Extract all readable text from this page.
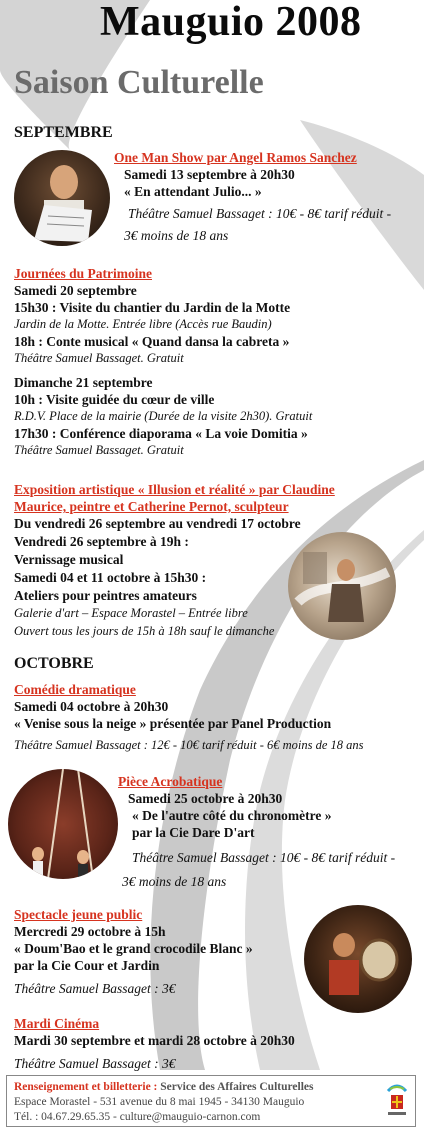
Mauguio 2008
Saison Culturelle
SEPTEMBRE
One Man Show par Angel Ramos Sanchez
Samedi 13 septembre à 20h30
« En attendant Julio... »
Théâtre Samuel Bassaget : 10€ - 8€ tarif réduit -
3€ moins de 18 ans
Journées du Patrimoine
Samedi 20 septembre
15h30 : Visite du chantier du Jardin de la Motte
Jardin de la Motte. Entrée libre (Accès rue Baudin)
18h : Conte musical « Quand dansa la cabreta »
Théâtre Samuel Bassaget. Gratuit
Dimanche 21 septembre
10h : Visite guidée du cœur de ville
R.D.V. Place de la mairie (Durée de la visite 2h30). Gratuit
17h30 : Conférence diaporama « La voie Domitia »
Théâtre Samuel Bassaget. Gratuit
Exposition artistique « Illusion et réalité » par Claudine
Maurice, peintre et Catherine Pernot, sculpteur
Du vendredi 26 septembre au vendredi 17 octobre
Vendredi 26 septembre à 19h :
Vernissage musical
Samedi 04 et 11 octobre à 15h30 :
Ateliers pour peintres amateurs
Galerie d'art – Espace Morastel – Entrée libre
Ouvert tous les jours de 15h à 18h sauf le dimanche
OCTOBRE
Comédie dramatique
Samedi 04 octobre à 20h30
« Venise sous la neige » présentée par Panel Production
Théâtre Samuel Bassaget : 12€ - 10€ tarif réduit - 6€ moins de 18 ans
Pièce Acrobatique
Samedi 25 octobre à 20h30
« De l'autre côté du chronomètre »
par la Cie Dare D'art
Théâtre Samuel Bassaget : 10€ - 8€ tarif réduit -
3€ moins de 18 ans
Spectacle jeune public
Mercredi 29 octobre à 15h
« Doum'Bao et le grand crocodile Blanc »
par la Cie Cour et Jardin
Théâtre Samuel Bassaget : 3€
Mardi Cinéma
Mardi 30 septembre et mardi 28 octobre à 20h30
Théâtre Samuel Bassaget : 3€
Renseignement et billetterie : Service des Affaires Culturelles
Espace Morastel - 531 avenue du 8 mai 1945 - 34130 Mauguio
Tél. : 04.67.29.65.35 - culture@mauguio-carnon.com
